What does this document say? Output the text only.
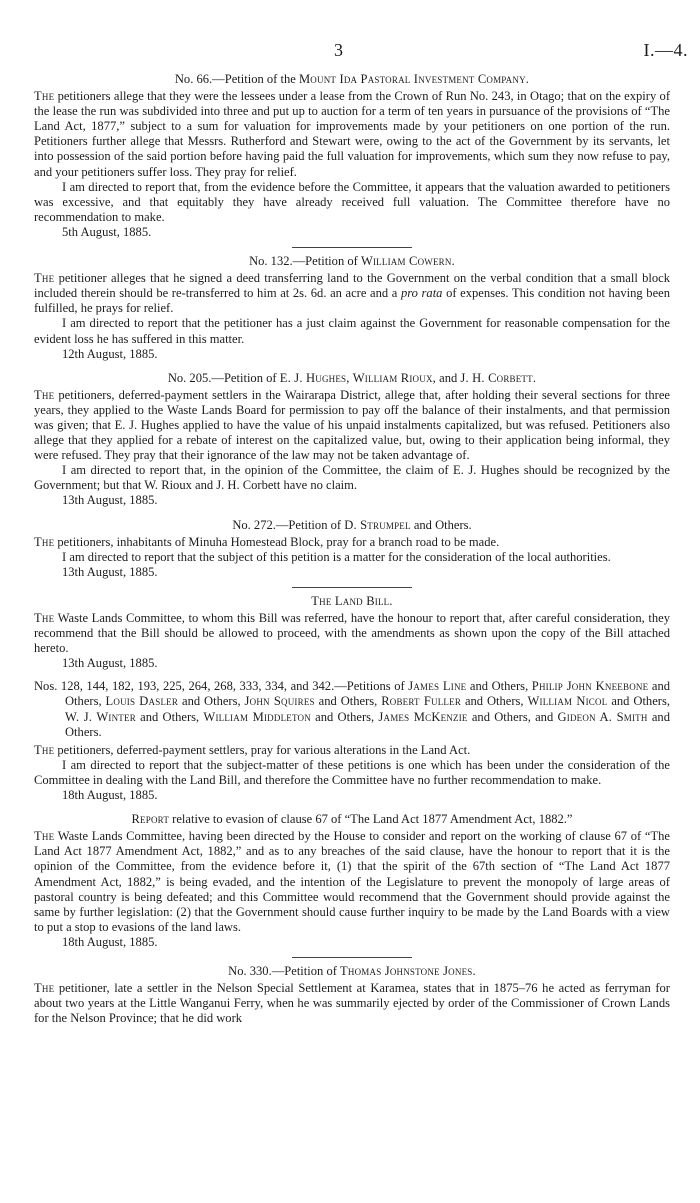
3	I.—4.
No. 66.—Petition of the Mount Ida Pastoral Investment Company.

The petitioners allege that they were the lessees under a lease from the Crown of Run No. 243, in Otago; that on the expiry of the lease the run was subdivided into three and put up to auction for a term of ten years in pursuance of the provisions of “The Land Act, 1877,” subject to a sum for valuation for improvements made by your petitioners on one portion of the run. Petitioners further allege that Messrs. Rutherford and Stewart were, owing to the act of the Government by its servants, let into possession of the said portion before having paid the full valuation for improvements, which sum they now refuse to pay, and your petitioners suffer loss. They pray for relief.

I am directed to report that, from the evidence before the Committee, it appears that the valuation awarded to petitioners was excessive, and that equitably they have already received full valuation. The Committee therefore have no recommendation to make.

5th August, 1885.
No. 132.—Petition of William Cowern.

The petitioner alleges that he signed a deed transferring land to the Government on the verbal condition that a small block included therein should be re-transferred to him at 2s. 6d. an acre and a pro rata of expenses. This condition not having been fulfilled, he prays for relief.

I am directed to report that the petitioner has a just claim against the Government for reasonable compensation for the evident loss he has suffered in this matter.

12th August, 1885.
No. 205.—Petition of E. J. Hughes, William Rioux, and J. H. Corbett.

The petitioners, deferred-payment settlers in the Wairarapa District, allege that, after holding their several sections for three years, they applied to the Waste Lands Board for permission to pay off the balance of their instalments, and that permission was given; that E. J. Hughes applied to have the value of his unpaid instalments capitalized, but was refused. Petitioners also allege that they applied for a rebate of interest on the capitalized value, but, owing to their application being informal, they were refused. They pray that their ignorance of the law may not be taken advantage of.

I am directed to report that, in the opinion of the Committee, the claim of E. J. Hughes should be recognized by the Government; but that W. Rioux and J. H. Corbett have no claim.

13th August, 1885.
No. 272.—Petition of D. Strumpel and Others.

The petitioners, inhabitants of Minuha Homestead Block, pray for a branch road to be made.

I am directed to report that the subject of this petition is a matter for the consideration of the local authorities.

13th August, 1885.
The Land Bill.

The Waste Lands Committee, to whom this Bill was referred, have the honour to report that, after careful consideration, they recommend that the Bill should be allowed to proceed, with the amendments as shown upon the copy of the Bill attached hereto.

13th August, 1885.

Nos. 128, 144, 182, 193, 225, 264, 268, 333, 334, and 342.—Petitions of James Line and Others, Philip John Kneebone and Others, Louis Dasler and Others, John Squires and Others, Robert Fuller and Others, William Nicol and Others, W. J. Winter and Others, William Middleton and Others, James McKenzie and Others, and Gideon A. Smith and Others.

The petitioners, deferred-payment settlers, pray for various alterations in the Land Act.

I am directed to report that the subject-matter of these petitions is one which has been under the consideration of the Committee in dealing with the Land Bill, and therefore the Committee have no further recommendation to make.

18th August, 1885.
Report relative to evasion of clause 67 of “The Land Act 1877 Amendment Act, 1882.”

The Waste Lands Committee, having been directed by the House to consider and report on the working of clause 67 of “The Land Act 1877 Amendment Act, 1882,” and as to any breaches of the said clause, have the honour to report that it is the opinion of the Committee, from the evidence before it, (1) that the spirit of the 67th section of “The Land Act 1877 Amendment Act, 1882,” is being evaded, and the intention of the Legislature to prevent the monopoly of large areas of pastoral country is being defeated; and this Committee would recommend that the Government should provide against the same by further legislation: (2) that the Government should cause further inquiry to be made by the Land Boards with a view to put a stop to evasions of the land laws.

18th August, 1885.
No. 330.—Petition of Thomas Johnstone Jones.

The petitioner, late a settler in the Nelson Special Settlement at Karamea, states that in 1875–76 he acted as ferryman for about two years at the Little Wanganui Ferry, when he was summarily ejected by order of the Commissioner of Crown Lands for the Nelson Province; that he did work
